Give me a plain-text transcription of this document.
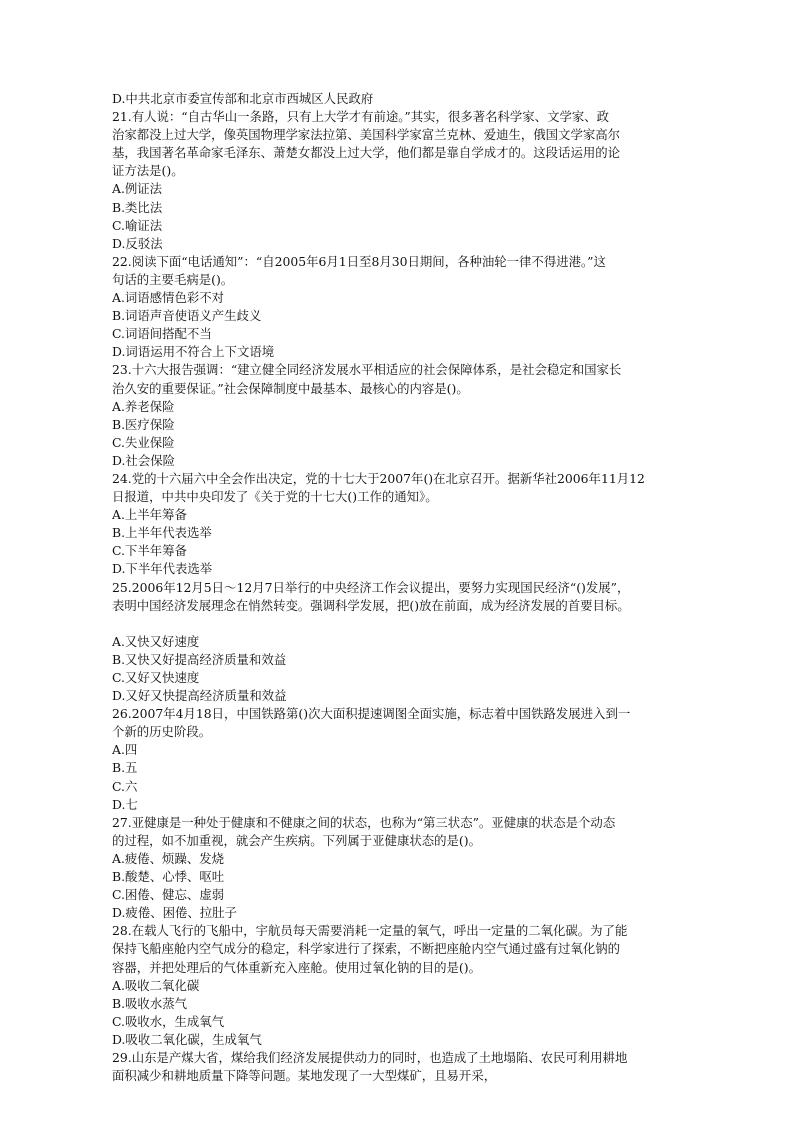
D.中共北京市委宣传部和北京市西城区人民政府
21.有人说：“自古华山一条路，只有上大学才有前途。”其实，很多著名科学家、文学家、政
治家都没上过大学，像英国物理学家法拉第、美国科学家富兰克林、爱迪生，俄国文学家高尔
基，我国著名革命家毛泽东、萧楚女都没上过大学，他们都是靠自学成才的。这段话运用的论
证方法是()。
A.例证法
B.类比法
C.喻证法
D.反驳法
22.阅读下面“电话通知”：“自2005年6月1日至8月30日期间，各种油轮一律不得进港。”这
句话的主要毛病是()。
A.词语感情色彩不对
B.词语声音使语义产生歧义
C.词语间搭配不当
D.词语运用不符合上下文语境
23.十六大报告强调：“建立健全同经济发展水平相适应的社会保障体系，是社会稳定和国家长
治久安的重要保证。”社会保障制度中最基本、最核心的内容是()。
A.养老保险
B.医疗保险
C.失业保险
D.社会保险
24.党的十六届六中全会作出决定，党的十七大于2007年()在北京召开。据新华社2006年11月12
日报道，中共中央印发了《关于党的十七大()工作的通知》。
A.上半年筹备
B.上半年代表选举
C.下半年筹备
D.下半年代表选举
25.2006年12月5日～12月7日举行的中央经济工作会议提出，要努力实现国民经济“()发展”，
表明中国经济发展理念在悄然转变。强调科学发展，把()放在前面，成为经济发展的首要目标。
A.又快又好速度
B.又快又好提高经济质量和效益
C.又好又快速度
D.又好又快提高经济质量和效益
26.2007年4月18日，中国铁路第()次大面积提速调图全面实施，标志着中国铁路发展进入到一
个新的历史阶段。
A.四
B.五
C.六
D.七
27.亚健康是一种处于健康和不健康之间的状态，也称为“第三状态”。亚健康的状态是个动态
的过程，如不加重视，就会产生疾病。下列属于亚健康状态的是()。
A.疲倦、烦躁、发烧
B.酸楚、心悸、呕吐
C.困倦、健忘、虚弱
D.疲倦、困倦、拉肚子
28.在载人飞行的飞船中，宇航员每天需要消耗一定量的氧气，呼出一定量的二氧化碳。为了能
保持飞船座舱内空气成分的稳定，科学家进行了探索，不断把座舱内空气通过盛有过氧化钠的
容器，并把处理后的气体重新充入座舱。使用过氧化钠的目的是()。
A.吸收二氧化碳
B.吸收水蒸气
C.吸收水，生成氧气
D.吸收二氧化碳，生成氧气
29.山东是产煤大省，煤给我们经济发展提供动力的同时，也造成了土地塌陷、农民可利用耕地
面积减少和耕地质量下降等问题。某地发现了一大型煤矿，且易开采，
